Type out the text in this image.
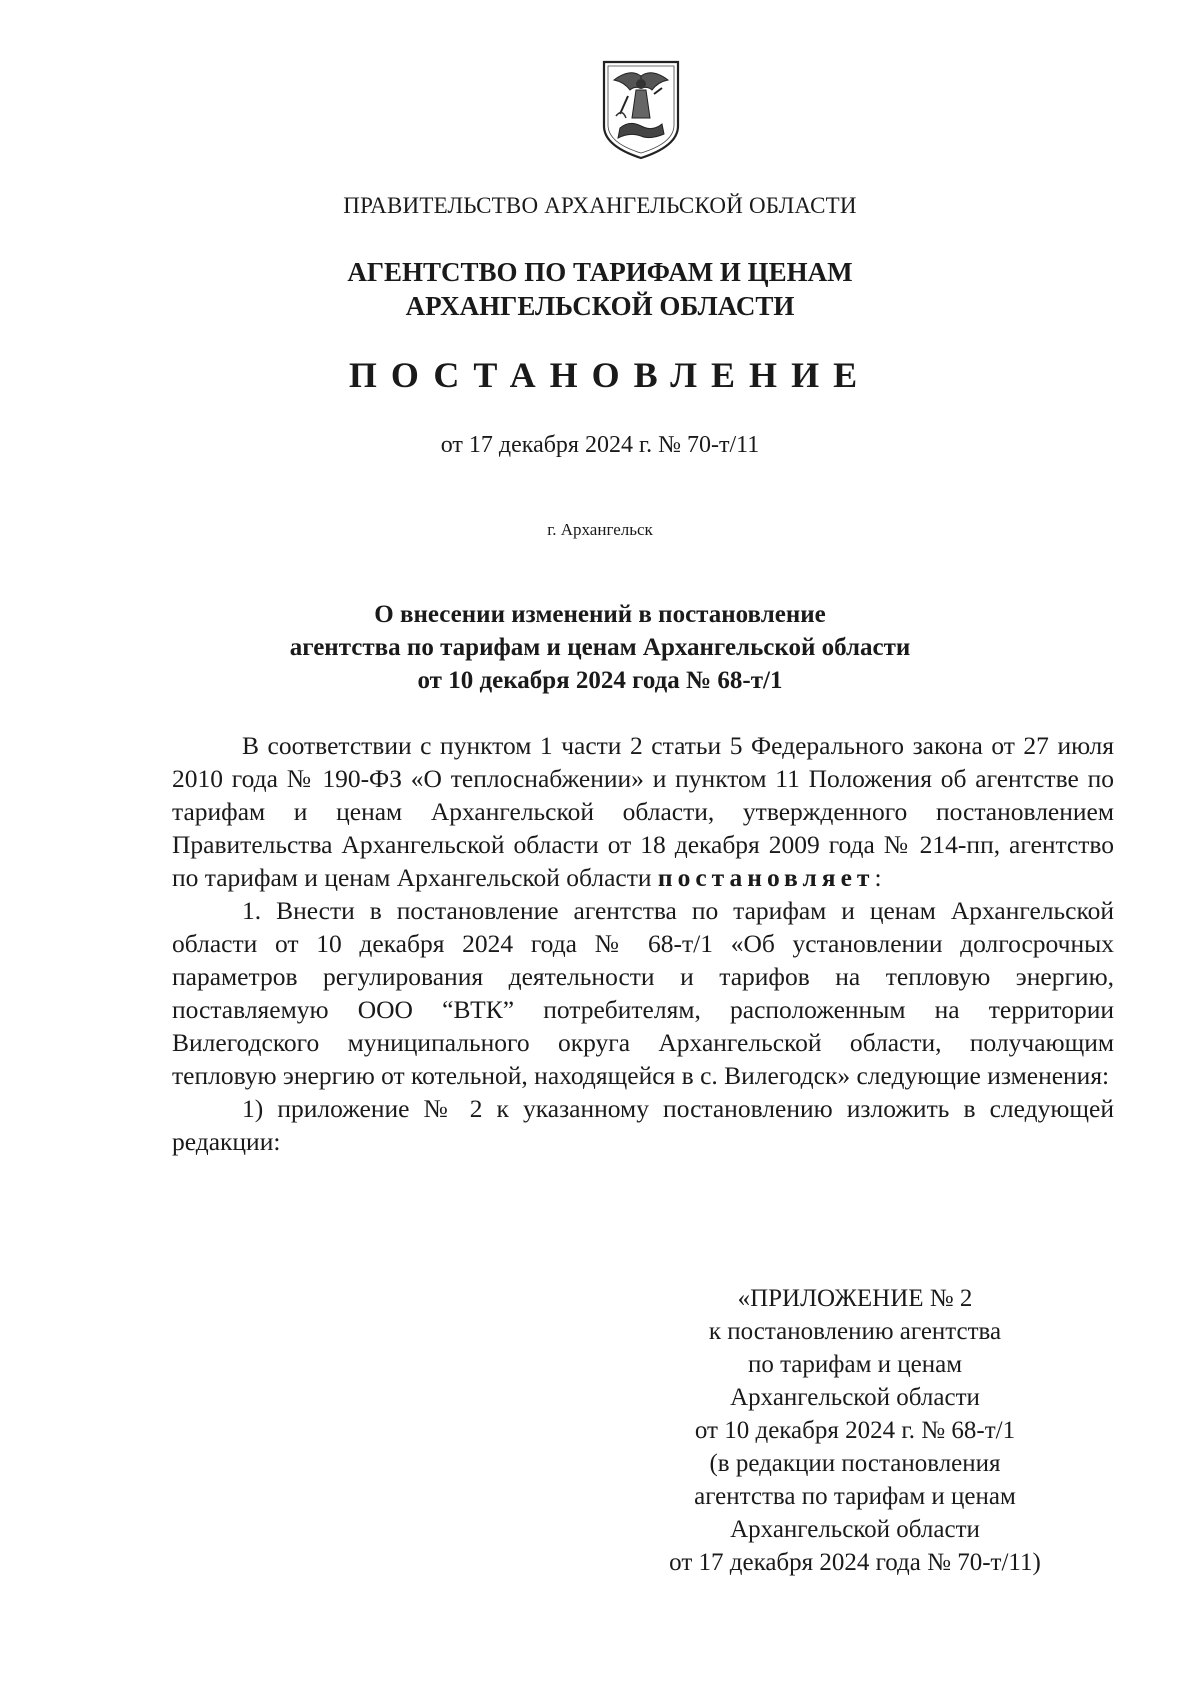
ПРАВИТЕЛЬСТВО АРХАНГЕЛЬСКОЙ ОБЛАСТИ
АГЕНТСТВО ПО ТАРИФАМ И ЦЕНАМ
АРХАНГЕЛЬСКОЙ ОБЛАСТИ
ПОСТАНОВЛЕНИЕ
от 17 декабря 2024 г. № 70-т/11
г. Архангельск
О внесении изменений в постановление
агентства по тарифам и ценам Архангельской области
от 10 декабря 2024 года № 68-т/1

В соответствии с пунктом 1 части 2 статьи 5 Федерального закона от 27 июля 2010 года № 190-ФЗ «О теплоснабжении» и пунктом 11 Положения об агентстве по тарифам и ценам Архангельской области, утвержденного постановлением Правительства Архангельской области от 18 декабря 2009 года № 214-пп, агентство по тарифам и ценам Архангельской области постановляет:

1. Внести в постановление агентства по тарифам и ценам Архангельской области от 10 декабря 2024 года № 68-т/1 «Об установлении долгосрочных параметров регулирования деятельности и тарифов на тепловую энергию, поставляемую ООО “ВТК” потребителям, расположенным на территории Вилегодского муниципального округа Архангельской области, получающим тепловую энергию от котельной, находящейся в с. Вилегодск» следующие изменения:

1) приложение № 2 к указанному постановлению изложить в следующей редакции:

«ПРИЛОЖЕНИЕ № 2
к постановлению агентства
по тарифам и ценам
Архангельской области
от 10 декабря 2024 г. № 68-т/1
(в редакции постановления
агентства по тарифам и ценам
Архангельской области
от 17 декабря 2024 года № 70-т/11)
